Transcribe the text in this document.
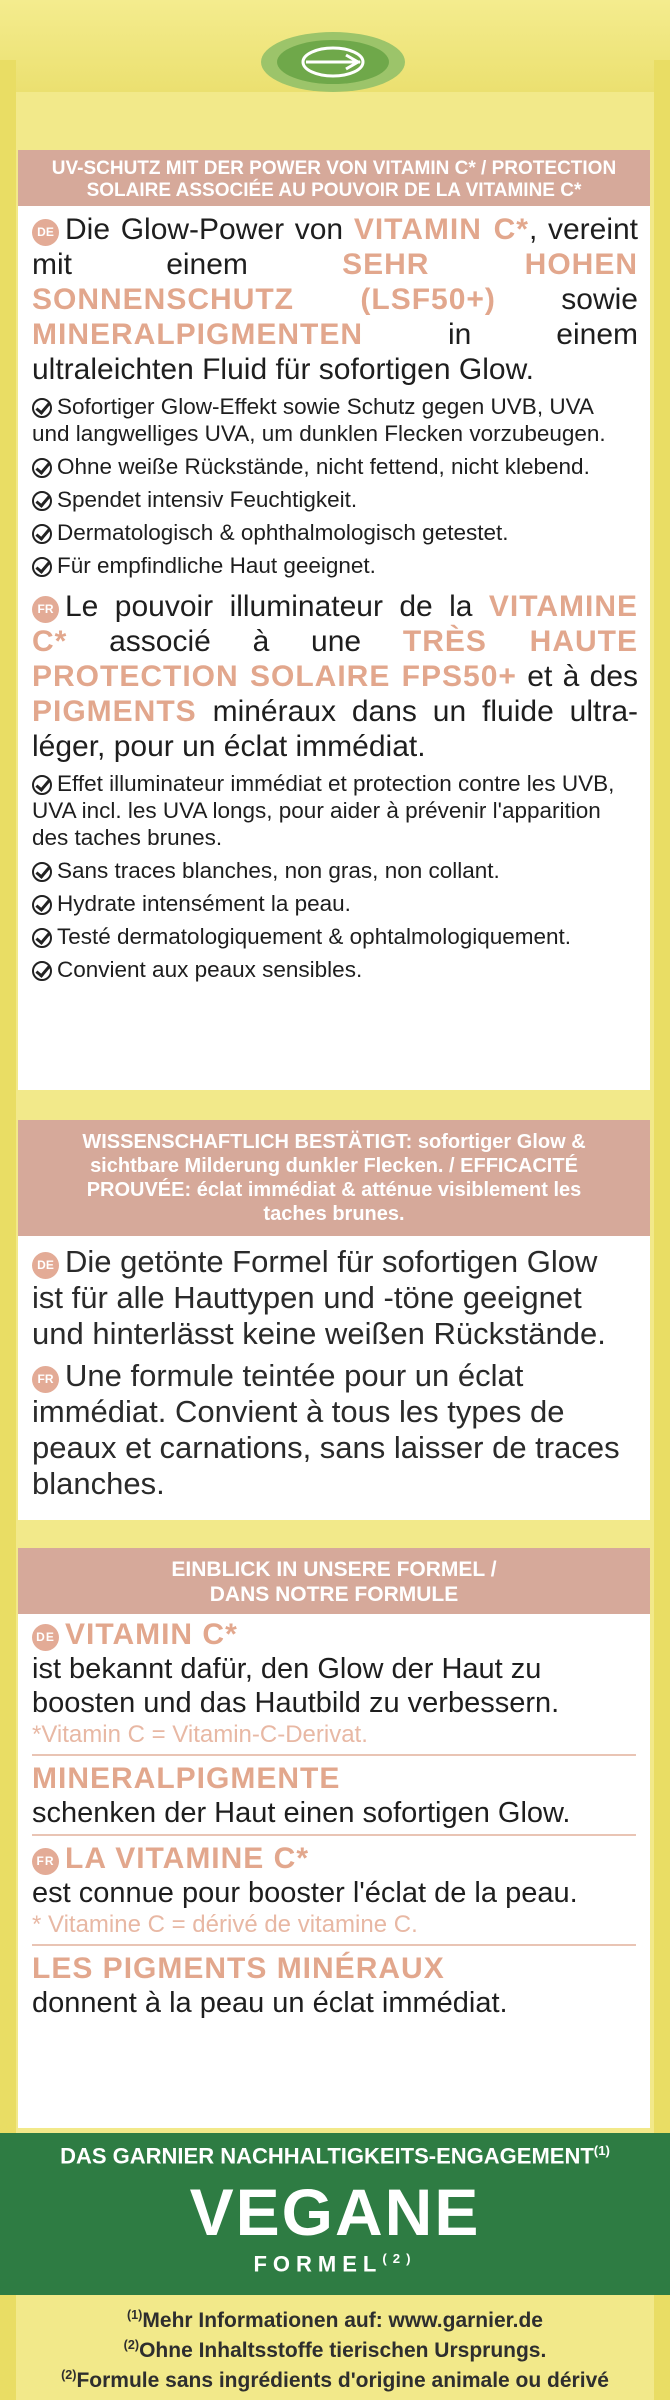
UV-SCHUTZ MIT DER POWER VON VITAMIN C* / PROTECTION
SOLAIRE ASSOCIÉE AU POUVOIR DE LA VITAMINE C*
DE Die Glow-Power von VITAMIN C*, vereint mit einem SEHR HOHEN SONNENSCHUTZ (LSF50+) sowie MINERALPIGMENTEN in einem ultraleichten Fluid für sofortigen Glow.
Sofortiger Glow-Effekt sowie Schutz gegen UVB, UVA und langwelliges UVA, um dunklen Flecken vorzubeugen.
Ohne weiße Rückstände, nicht fettend, nicht klebend.
Spendet intensiv Feuchtigkeit.
Dermatologisch & ophthalmologisch getestet.
Für empfindliche Haut geeignet.
FR Le pouvoir illuminateur de la VITAMINE C* associé à une TRÈS HAUTE PROTECTION SOLAIRE FPS50+ et à des PIGMENTS minéraux dans un fluide ultra-léger, pour un éclat immédiat.
Effet illuminateur immédiat et protection contre les UVB, UVA incl. les UVA longs, pour aider à prévenir l'apparition des taches brunes.
Sans traces blanches, non gras, non collant.
Hydrate intensément la peau.
Testé dermatologiquement & ophtalmologiquement.
Convient aux peaux sensibles.
WISSENSCHAFTLICH BESTÄTIGT: sofortiger Glow & sichtbare Milderung dunkler Flecken. / EFFICACITÉ PROUVÉE: éclat immédiat & atténue visiblement les taches brunes.
DE Die getönte Formel für sofortigen Glow ist für alle Hauttypen und -töne geeignet und hinterlässt keine weißen Rückstände.
FR Une formule teintée pour un éclat immédiat. Convient à tous les types de peaux et carnations, sans laisser de traces blanches.
EINBLICK IN UNSERE FORMEL /
DANS NOTRE FORMULE
DE VITAMIN C*
ist bekannt dafür, den Glow der Haut zu boosten und das Hautbild zu verbessern.
*Vitamin C = Vitamin-C-Derivat.
MINERALPIGMENTE
schenken der Haut einen sofortigen Glow.
FR LA VITAMINE C*
est connue pour booster l'éclat de la peau.
* Vitamine C = dérivé de vitamine C.
LES PIGMENTS MINÉRAUX
donnent à la peau un éclat immédiat.
DAS GARNIER NACHHALTIGKEITS-ENGAGEMENT$^{(1)}$
VEGANE
FORMEL$^{(2)}$
$^{(1)}$Mehr Informationen auf: www.garnier.de
$^{(2)}$Ohne Inhaltsstoffe tierischen Ursprungs.
$^{(2)}$Formule sans ingrédients d'origine animale ou dérivé
